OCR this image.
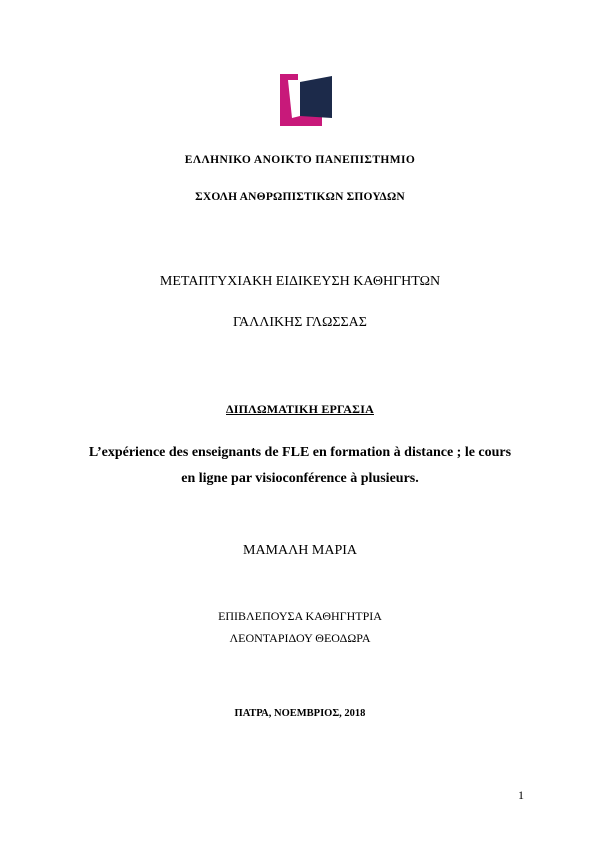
ΕΛΛΗΝΙΚΟ ΑΝΟΙΚΤΟ ΠΑΝΕΠΙΣΤΗΜΙΟ
ΣΧΟΛΗ ΑΝΘΡΩΠΙΣΤΙΚΩΝ ΣΠΟΥΔΩΝ
ΜΕΤΑΠΤΥΧΙΑΚΗ ΕΙΔΙΚΕΥΣΗ ΚΑΘΗΓΗΤΩΝ
ΓΑΛΛΙΚΗΣ ΓΛΩΣΣΑΣ
ΔΙΠΛΩΜΑΤΙΚΗ ΕΡΓΑΣΙΑ
L’expérience des enseignants de FLE en formation à distance ; le cours
en ligne par visioconférence à plusieurs.
ΜΑΜΑΛΗ ΜΑΡΙΑ
ΕΠΙΒΛΕΠΟΥΣΑ ΚΑΘΗΓΗΤΡΙΑ
ΛΕΟΝΤΑΡΙΔΟΥ ΘΕΟΔΩΡΑ
ΠΑΤΡΑ, ΝΟΕΜΒΡΙΟΣ, 2018
1
